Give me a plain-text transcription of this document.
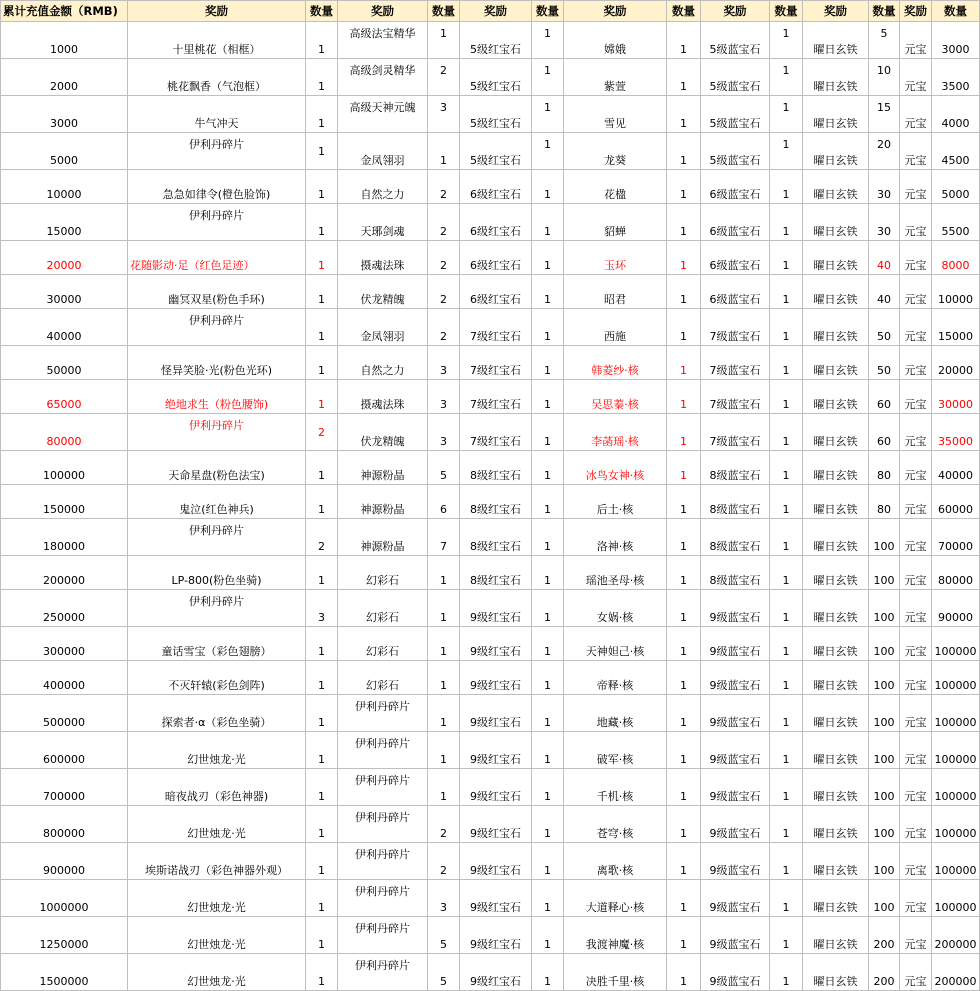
累计充值金额（RMB)	奖励	数量	奖励	数量	奖励	数量	奖励	数量	奖励	数量	奖励	数量	奖励	数量
1000	十里桃花（相框）	1	高级法宝精华	1	5级红宝石	1	嫦娥	1	5级蓝宝石	1	曜日玄铁	5	元宝	3000
2000	桃花飘香（气泡框）	1	高级剑灵精华	2	5级红宝石	1	紫萱	1	5级蓝宝石	1	曜日玄铁	10	元宝	3500
3000	牛气冲天	1	高级天神元魄	3	5级红宝石	1	雪见	1	5级蓝宝石	1	曜日玄铁	15	元宝	4000
5000	伊利丹碎片	1	金凤翎羽	1	5级红宝石	1	龙葵	1	5级蓝宝石	1	曜日玄铁	20	元宝	4500
10000	急急如律令(橙色脸饰)	1	自然之力	2	6级红宝石	1	花楹	1	6级蓝宝石	1	曜日玄铁	30	元宝	5000
15000	伊利丹碎片	1	天琊剑魂	2	6级红宝石	1	貂蝉	1	6级蓝宝石	1	曜日玄铁	30	元宝	5500
20000	花随影动·足（红色足迹）	1	摄魂法珠	2	6级红宝石	1	玉环	1	6级蓝宝石	1	曜日玄铁	40	元宝	8000
30000	幽冥双星(粉色手环)	1	伏龙精魄	2	6级红宝石	1	昭君	1	6级蓝宝石	1	曜日玄铁	40	元宝	10000
40000	伊利丹碎片	1	金凤翎羽	2	7级红宝石	1	西施	1	7级蓝宝石	1	曜日玄铁	50	元宝	15000
50000	怪异笑脸·光(粉色光环)	1	自然之力	3	7级红宝石	1	韩菱纱·核	1	7级蓝宝石	1	曜日玄铁	50	元宝	20000
65000	绝地求生（粉色腰饰)	1	摄魂法珠	3	7级红宝石	1	吴思蓁·核	1	7级蓝宝石	1	曜日玄铁	60	元宝	30000
80000	伊利丹碎片	2	伏龙精魄	3	7级红宝石	1	李菡瑶·核	1	7级蓝宝石	1	曜日玄铁	60	元宝	35000
100000	天命星盘(粉色法宝)	1	神源粉晶	5	8级红宝石	1	冰鸟女神·核	1	8级蓝宝石	1	曜日玄铁	80	元宝	40000
150000	鬼泣(红色神兵)	1	神源粉晶	6	8级红宝石	1	后土·核	1	8级蓝宝石	1	曜日玄铁	80	元宝	60000
180000	伊利丹碎片	2	神源粉晶	7	8级红宝石	1	洛神·核	1	8级蓝宝石	1	曜日玄铁	100	元宝	70000
200000	LP-800(粉色坐骑)	1	幻彩石	1	8级红宝石	1	瑶池圣母·核	1	8级蓝宝石	1	曜日玄铁	100	元宝	80000
250000	伊利丹碎片	3	幻彩石	1	9级红宝石	1	女娲·核	1	9级蓝宝石	1	曜日玄铁	100	元宝	90000
300000	童话雪宝（彩色翅膀）	1	幻彩石	1	9级红宝石	1	天神妲己·核	1	9级蓝宝石	1	曜日玄铁	100	元宝	100000
400000	不灭轩辕(彩色剑阵)	1	幻彩石	1	9级红宝石	1	帝释·核	1	9级蓝宝石	1	曜日玄铁	100	元宝	100000
500000	探索者·α（彩色坐骑）	1	伊利丹碎片	1	9级红宝石	1	地藏·核	1	9级蓝宝石	1	曜日玄铁	100	元宝	100000
600000	幻世烛龙·光	1	伊利丹碎片	1	9级红宝石	1	破军·核	1	9级蓝宝石	1	曜日玄铁	100	元宝	100000
700000	暗夜战刃（彩色神器)	1	伊利丹碎片	1	9级红宝石	1	千机·核	1	9级蓝宝石	1	曜日玄铁	100	元宝	100000
800000	幻世烛龙·光	1	伊利丹碎片	2	9级红宝石	1	苍穹·核	1	9级蓝宝石	1	曜日玄铁	100	元宝	100000
900000	埃斯诺战刃（彩色神器外观）	1	伊利丹碎片	2	9级红宝石	1	离歌·核	1	9级蓝宝石	1	曜日玄铁	100	元宝	100000
1000000	幻世烛龙·光	1	伊利丹碎片	3	9级红宝石	1	大道释心·核	1	9级蓝宝石	1	曜日玄铁	100	元宝	100000
1250000	幻世烛龙·光	1	伊利丹碎片	5	9级红宝石	1	我渡神魔·核	1	9级蓝宝石	1	曜日玄铁	200	元宝	200000
1500000	幻世烛龙·光	1	伊利丹碎片	5	9级红宝石	1	决胜千里·核	1	9级蓝宝石	1	曜日玄铁	200	元宝	200000
